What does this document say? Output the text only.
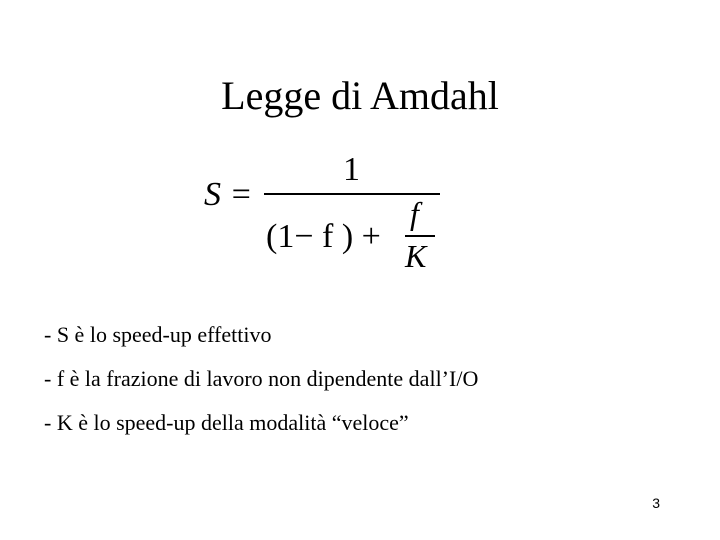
Legge di Amdahl
S =
1
(1− f ) +
f
K
- S è lo speed-up effettivo
- f è la frazione di lavoro non dipendente dall’I/O
- K è lo speed-up della modalità “veloce”
3
